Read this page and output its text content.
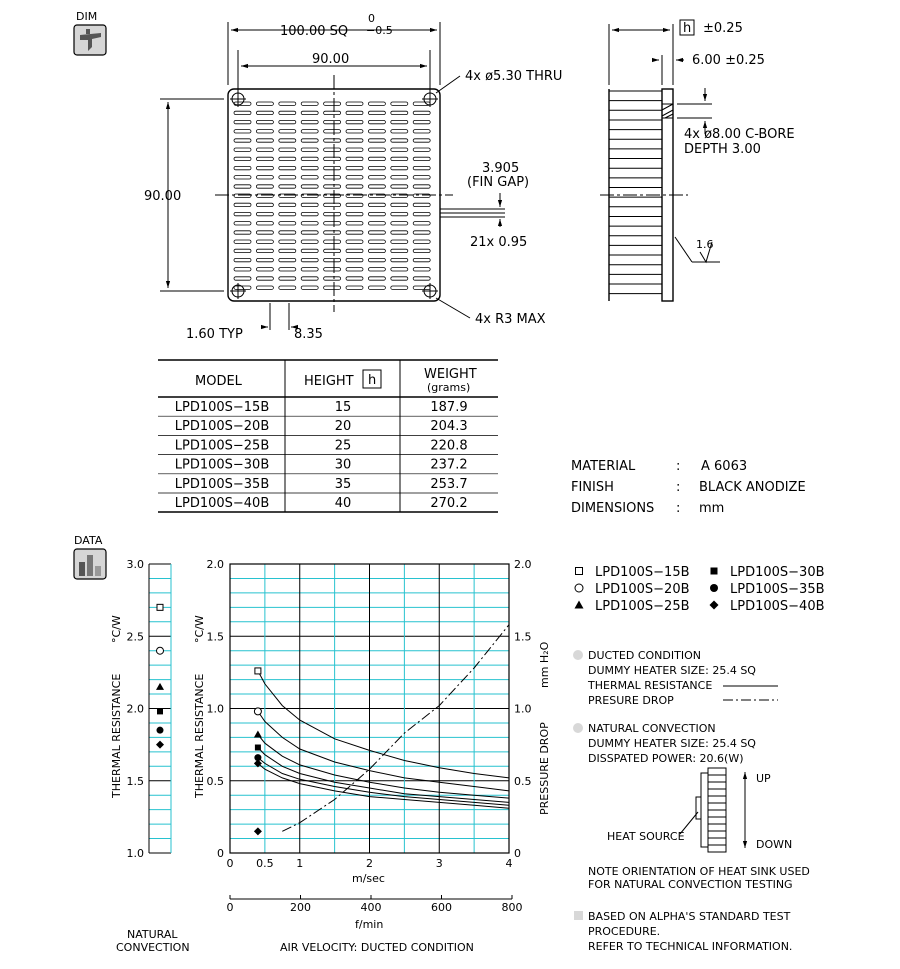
DIM
100.00 SQ
0
−0.5
90.00
4x ø5.30 THRU
90.00
3.905
(FIN GAP)
21x 0.95
1.60 TYP	8.35
4x R3 MAX
h ±0.25
6.00 ±0.25
4x ø8.00 C-BORE
DEPTH 3.00
1.6
MODEL	HEIGHT h	WEIGHT
(grams)
LPD100S−15B	15	187.9
LPD100S−20B	20	204.3
LPD100S−25B	25	220.8
LPD100S−30B	30	237.2
LPD100S−35B	35	253.7
LPD100S−40B	40	270.2
MATERIAL	: A 6063
FINISH	: BLACK ANODIZE
DIMENSIONS : mm
DATA
1.0
1.5
2.0
2.5
3.0
NATURAL
CONVECTION
THERMAL RESISTANCE
°C/W
0
0.5
1.0
1.5
2.0
0
0.5
1.0
1.5
2.0
0 0.5 1	2	3	4
0	200	400	600	800
THERMAL RESISTANCE
°C/W
PRESSURE DROP
mm H₂O
m/sec
f/min
AIR VELOCITY: DUCTED CONDITION
LPD100S−15B
LPD100S−20B
LPD100S−25B
LPD100S−30B
LPD100S−35B
LPD100S−40B
DUCTED CONDITION
DUMMY HEATER SIZE: 25.4 SQ
THERMAL RESISTANCE
PRESURE DROP
NATURAL CONVECTION
DUMMY HEATER SIZE: 25.4 SQ
DISSPATED POWER: 20.6(W)
UP
DOWN
HEAT SOURCE
NOTE ORIENTATION OF HEAT SINK USED
FOR NATURAL CONVECTION TESTING
BASED ON ALPHA'S STANDARD TEST
PROCEDURE.
REFER TO TECHNICAL INFORMATION.
